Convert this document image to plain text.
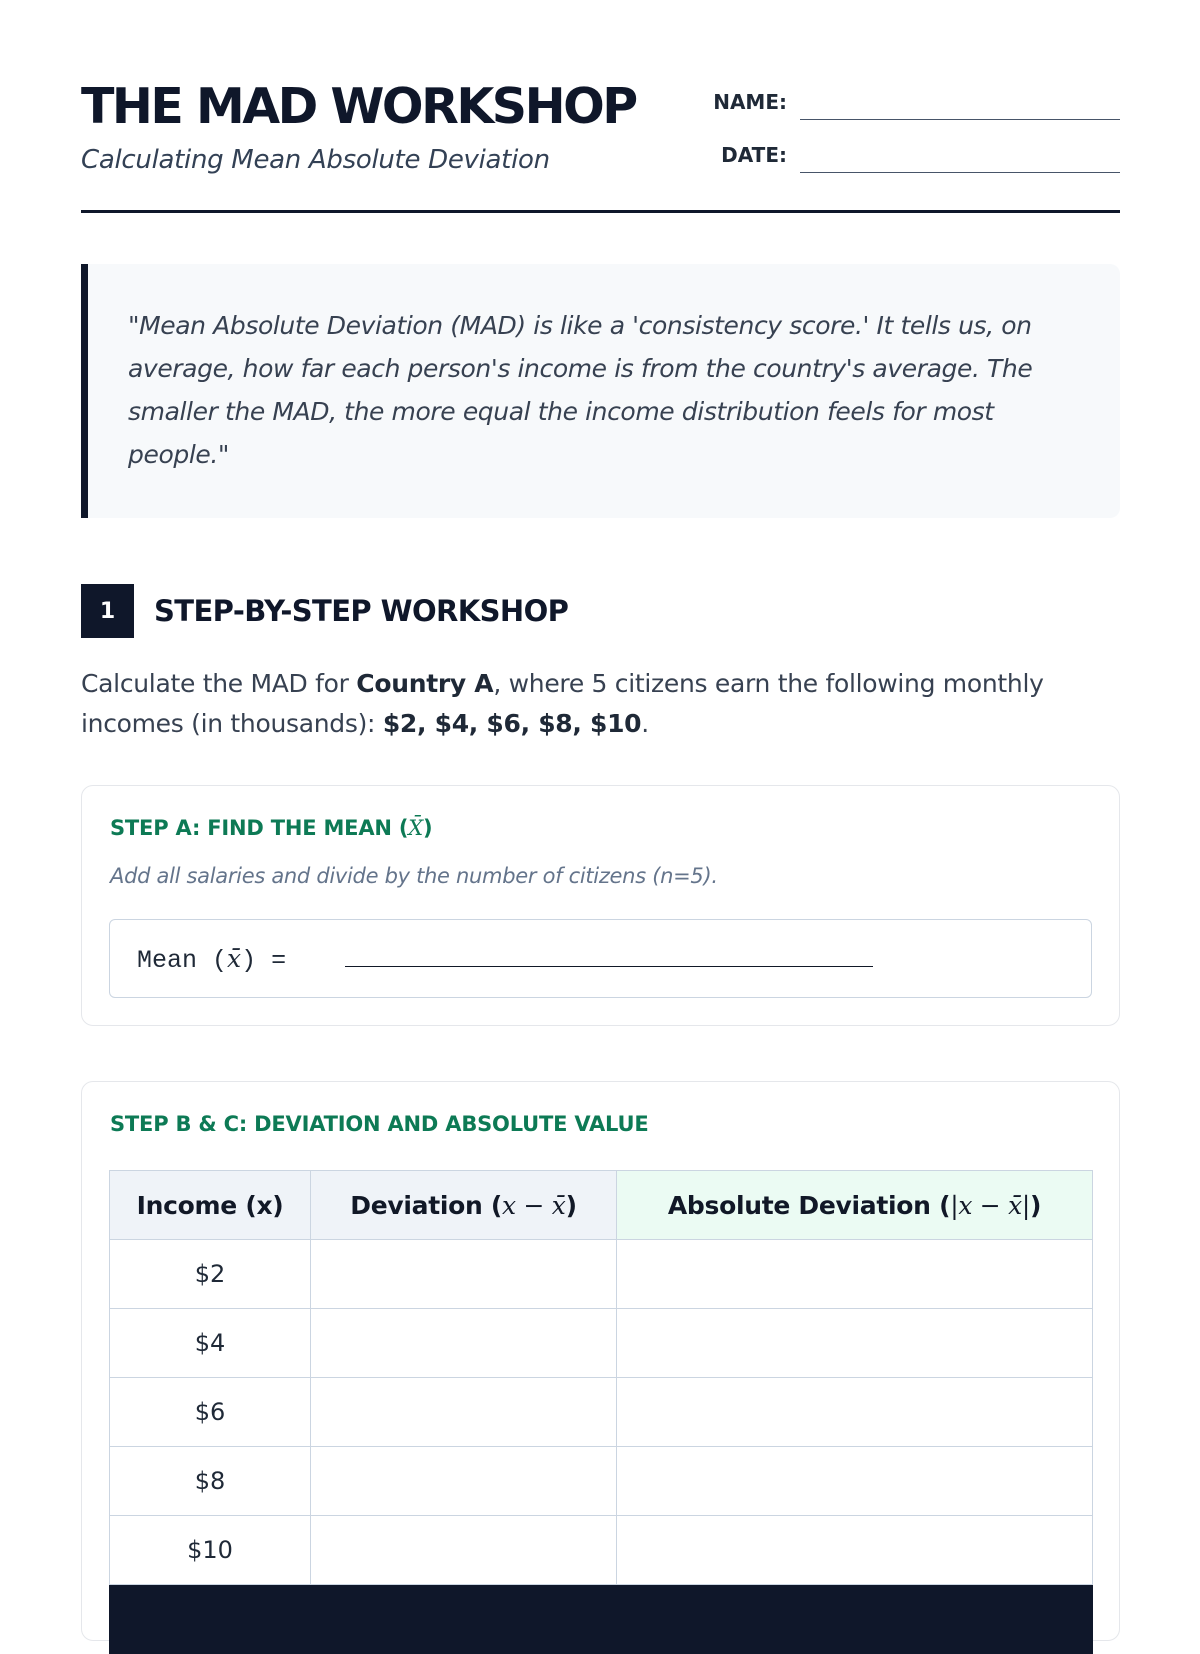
THE MAD WORKSHOP
Calculating Mean Absolute Deviation
NAME:
DATE:

"Mean Absolute Deviation (MAD) is like a 'consistency score.' It tells us, on average, how far each person's income is from the country's average. The smaller the MAD, the more equal the income distribution feels for most people."

1	STEP-BY-STEP WORKSHOP
Calculate the MAD for Country A, where 5 citizens earn the following monthly incomes (in thousands): $2, $4, $6, $8, $10.
STEP A: FIND THE MEAN (X̄)
Add all salaries and divide by the number of citizens (n=5).
Mean (x̄) =
STEP B & C: DEVIATION AND ABSOLUTE VALUE
Income (x)	Deviation (x − x̄)	Absolute Deviation (|x − x̄|)
$2		
$4		
$6		
$8		
$10		
